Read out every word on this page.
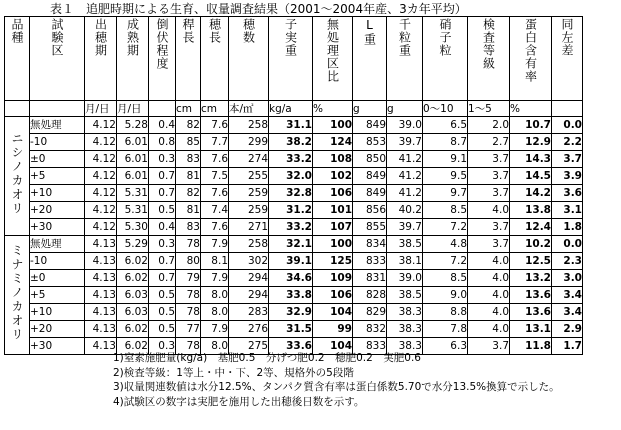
表１　追肥時期による生育、収量調査結果（2001～2004年産、3カ年平均）
品種	試験区	出穂期	成熟期	倒伏程度	稈長	穂長	穂数	子実重	無処理区比	L重	千粒重	硝子粒	検査等級	蛋白含有率	同左差

		月/日	月/日		cm	cm	本/㎡	kg/a	%	g	g	0～10	1～5	%	
ニシノカオリ	無処理	4.12	5.28	0.4	82	7.6	258	31.1	100	849	39.0	6.5	2.0	10.7	0.0
	-10	4.12	6.01	0.8	85	7.7	299	38.2	124	853	39.7	8.7	2.7	12.9	2.2
	±0	4.12	6.01	0.3	83	7.6	274	33.2	108	850	41.2	9.1	3.7	14.3	3.7
	+5	4.12	6.01	0.7	81	7.5	255	32.0	102	849	41.2	9.5	3.7	14.5	3.9
	+10	4.12	5.31	0.7	82	7.6	259	32.8	106	849	41.2	9.7	3.7	14.2	3.6
	+20	4.12	5.31	0.5	81	7.4	259	31.2	101	856	40.2	8.5	4.0	13.8	3.1
	+30	4.12	5.30	0.4	83	7.6	271	33.2	107	855	39.7	7.2	3.7	12.4	1.8
ミナミノカオリ	無処理	4.13	5.29	0.3	78	7.9	258	32.1	100	834	38.5	4.8	3.7	10.2	0.0
	-10	4.13	6.02	0.7	80	8.1	302	39.1	125	833	38.1	7.2	4.0	12.5	2.3
	±0	4.13	6.02	0.7	79	7.9	294	34.6	109	831	39.0	8.5	4.0	13.2	3.0
	+5	4.13	6.03	0.5	78	8.0	294	33.8	106	828	38.5	9.0	4.0	13.6	3.4
	+10	4.13	6.03	0.5	78	8.0	283	32.9	104	829	38.3	8.8	4.0	13.6	3.4
	+20	4.13	6.02	0.5	77	7.9	276	31.5	99	832	38.3	7.8	4.0	13.1	2.9
	+30	4.13	6.02	0.3	78	8.0	275	33.6	104	833	38.3	6.3	3.7	11.8	1.7
1)窒素施肥量(kg/a)　基肥0.5　分げつ肥0.2　穂肥0.2　実肥0.6
2)検査等級：1等上・中・下、2等、規格外の5段階
3)収量関連数値は水分12.5%、タンパク質含有率は蛋白係数5.70で水分13.5%換算で示した。
4)試験区の数字は実肥を施用した出穂後日数を示す。
